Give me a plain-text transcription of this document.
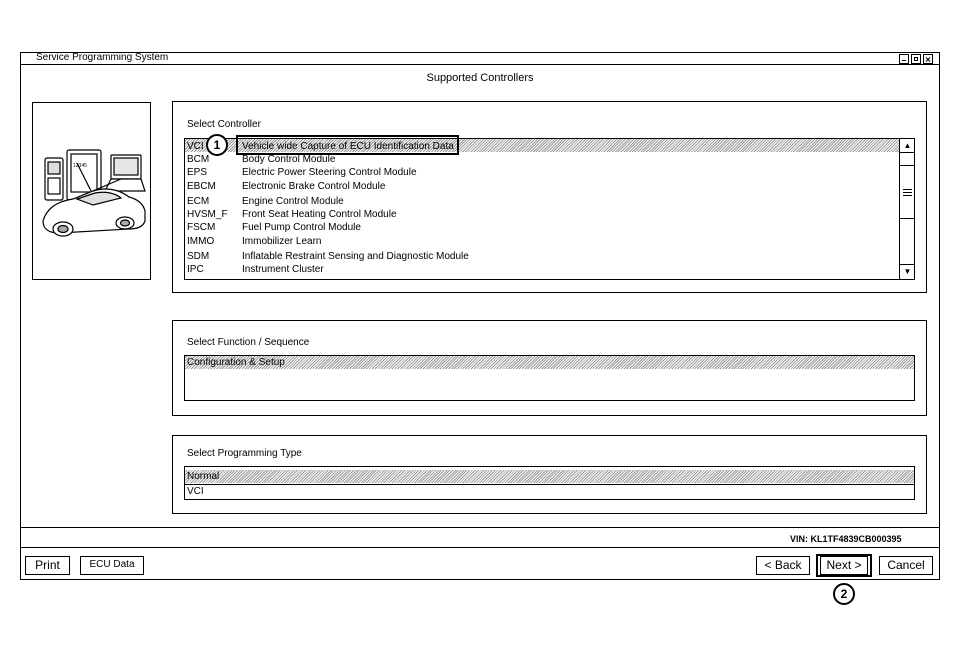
Service Programming System
Supported Controllers
12345
Select Controller
VCI	Vehicle wide Capture of ECU Identification Data
BCM	Body Control Module
EPS	Electric Power Steering Control Module
EBCM	Electronic Brake Control Module
ECM	Engine Control Module
HVSM_F Front Seat Heating Control Module
FSCM	Fuel Pump Control Module
IMMO	Immobilizer Learn
SDM	Inflatable Restraint Sensing and Diagnostic Module
IPC	Instrument Cluster
▲
▼
1
Select Function / Sequence
Configuration & Setup
Select Programming Type
Normal
VCI
VIN: KL1TF4839CB000395
Print	ECU Data	< Back	Next >	Cancel
2
